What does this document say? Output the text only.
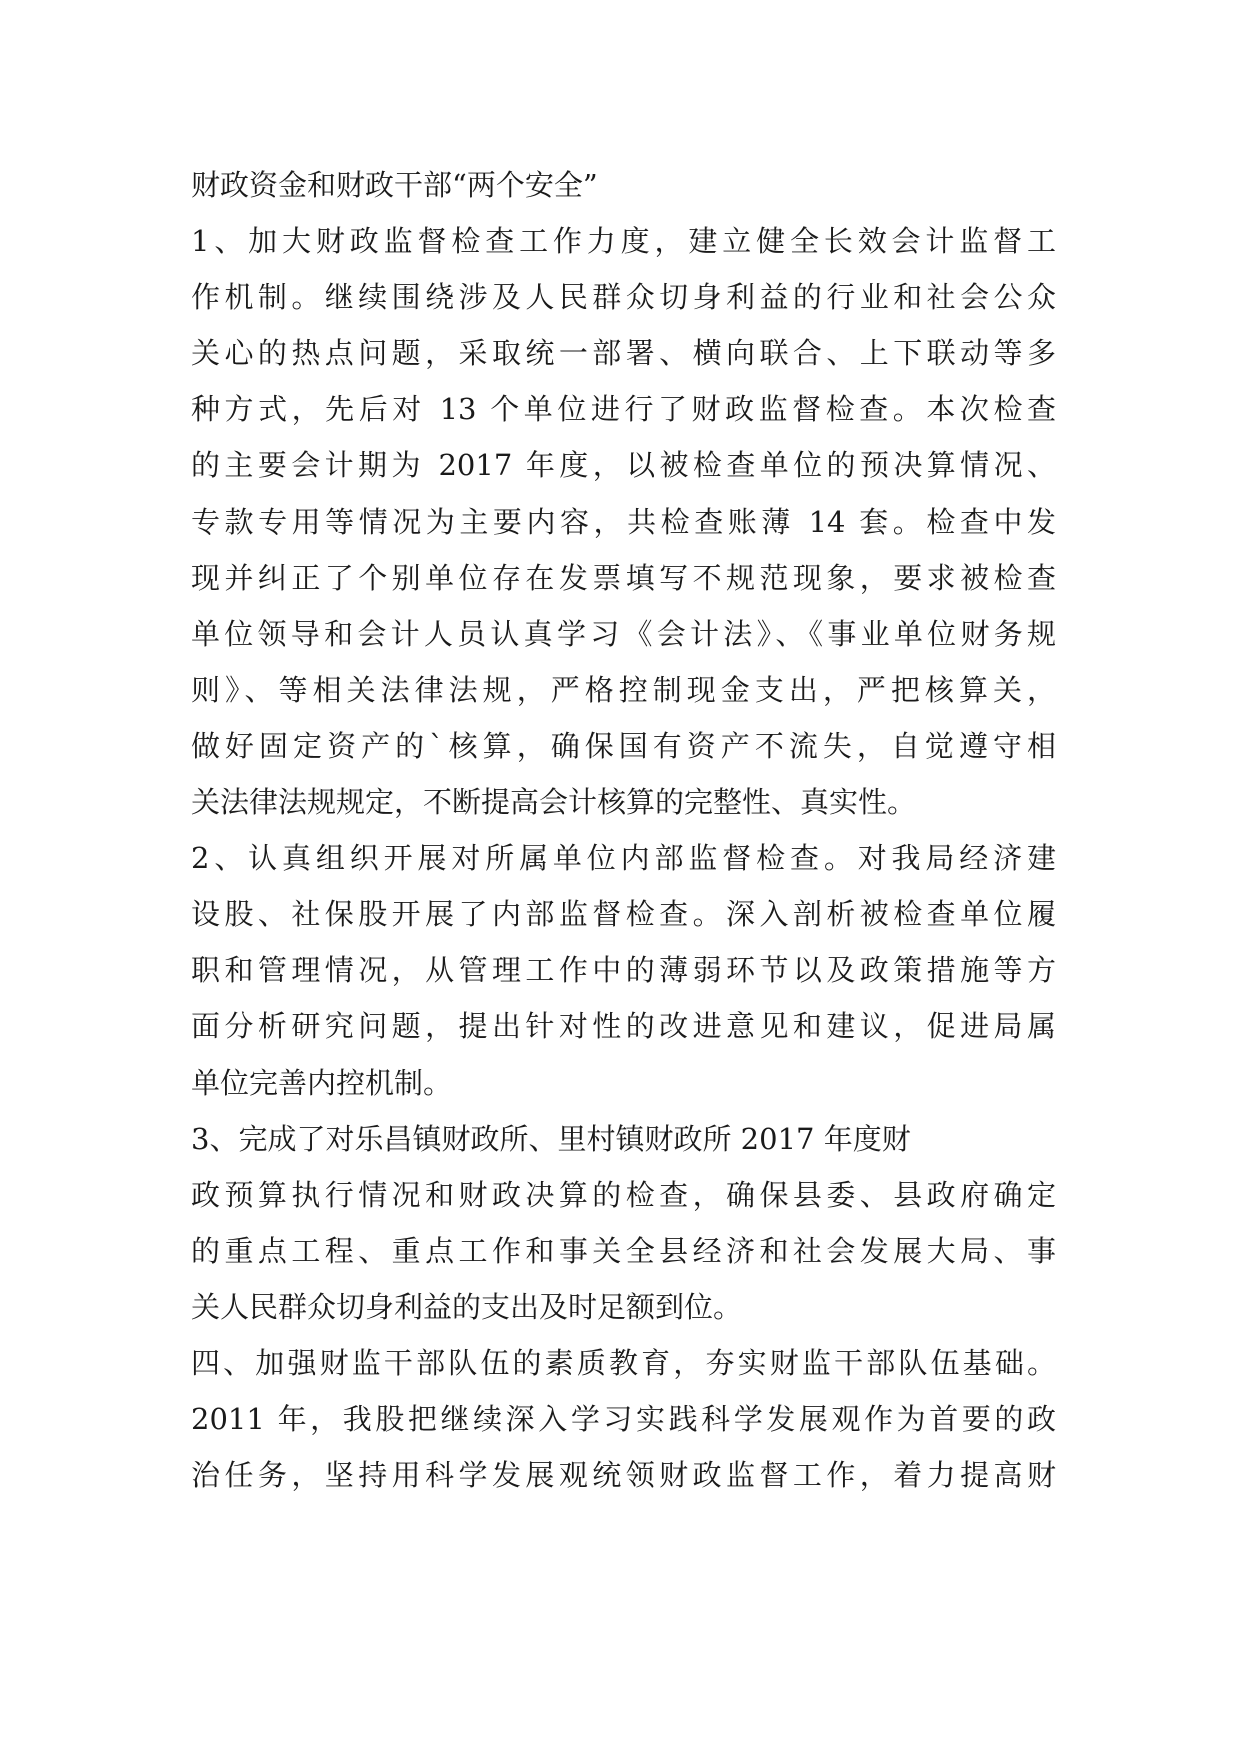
财政资金和财政干部“两个安全”
1、加大财政监督检查工作力度，建立健全长效会计监督工
作机制。继续围绕涉及人民群众切身利益的行业和社会公众
关心的热点问题，采取统一部署、横向联合、上下联动等多
种方式，先后对 13 个单位进行了财政监督检查。本次检查
的主要会计期为 2017 年度，以被检查单位的预决算情况、
专款专用等情况为主要内容，共检查账薄 14 套。检查中发
现并纠正了个别单位存在发票填写不规范现象，要求被检查
单位领导和会计人员认真学习《会计法》、《事业单位财务规
则》、等相关法律法规，严格控制现金支出，严把核算关，
做好固定资产的`核算，确保国有资产不流失，自觉遵守相
关法律法规规定，不断提高会计核算的完整性、真实性。
2、认真组织开展对所属单位内部监督检查。对我局经济建
设股、社保股开展了内部监督检查。深入剖析被检查单位履
职和管理情况，从管理工作中的薄弱环节以及政策措施等方
面分析研究问题，提出针对性的改进意见和建议，促进局属
单位完善内控机制。
3、完成了对乐昌镇财政所、里村镇财政所 2017 年度财
政预算执行情况和财政决算的检查，确保县委、县政府确定
的重点工程、重点工作和事关全县经济和社会发展大局、事
关人民群众切身利益的支出及时足额到位。
四、加强财监干部队伍的素质教育，夯实财监干部队伍基础。
2011 年，我股把继续深入学习实践科学发展观作为首要的政
治任务，坚持用科学发展观统领财政监督工作，着力提高财
